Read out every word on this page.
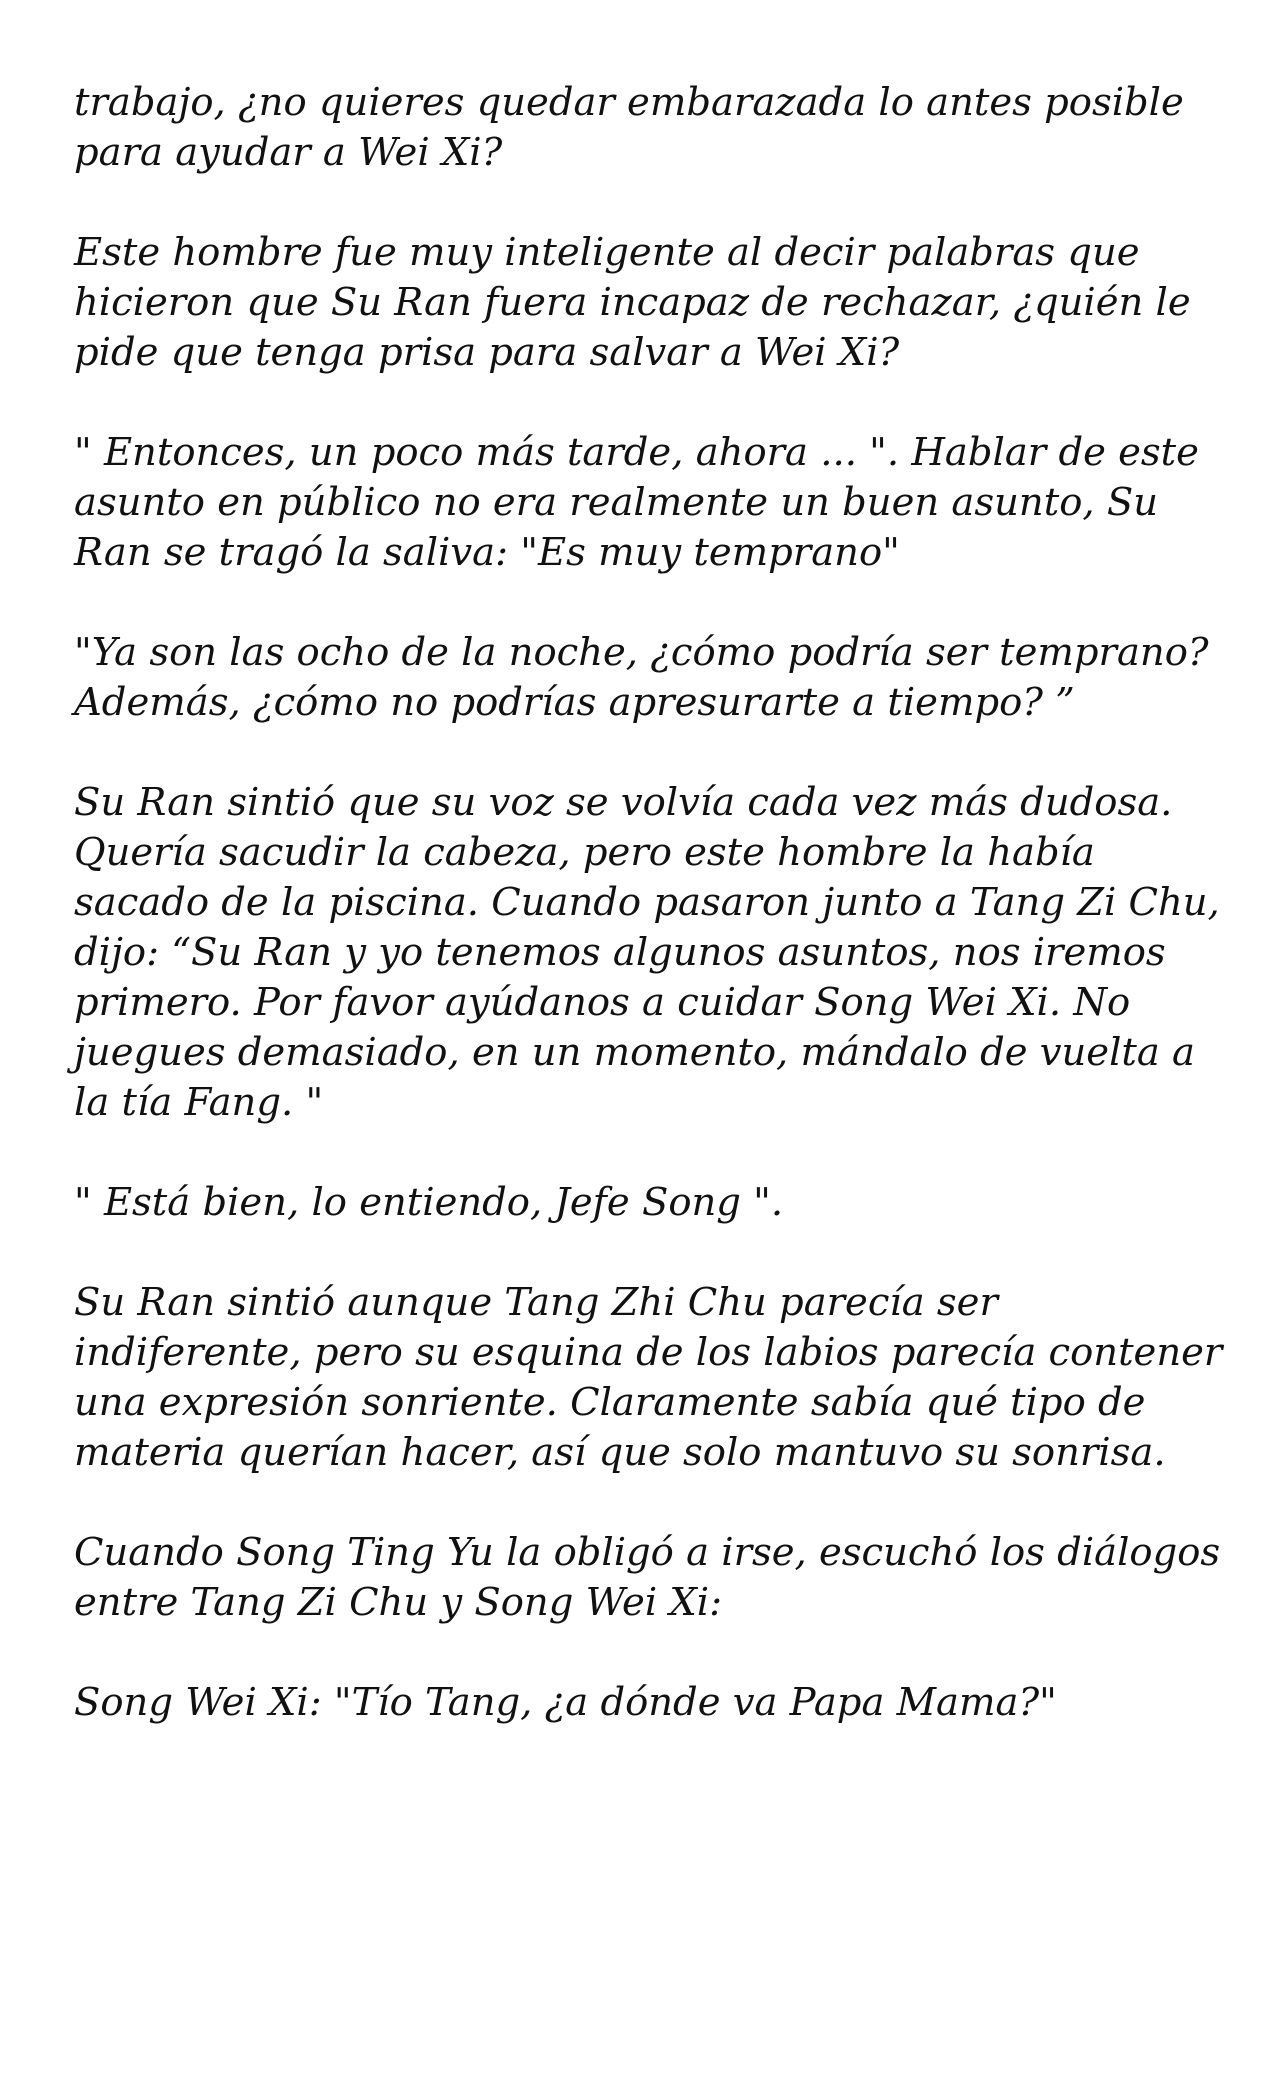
trabajo, ¿no quieres quedar embarazada lo antes posible para ayudar a Wei Xi?

Este hombre fue muy inteligente al decir palabras que hicieron que Su Ran fuera incapaz de rechazar, ¿quién le pide que tenga prisa para salvar a Wei Xi?

" Entonces, un poco más tarde, ahora ... ". Hablar de este asunto en público no era realmente un buen asunto, Su Ran se tragó la saliva: "Es muy temprano"

"Ya son las ocho de la noche, ¿cómo podría ser temprano? Además, ¿cómo no podrías apresurarte a tiempo? ”

Su Ran sintió que su voz se volvía cada vez más dudosa. Quería sacudir la cabeza, pero este hombre la había sacado de la piscina. Cuando pasaron junto a Tang Zi Chu, dijo: “Su Ran y yo tenemos algunos asuntos, nos iremos primero. Por favor ayúdanos a cuidar Song Wei Xi. No juegues demasiado, en un momento, mándalo de vuelta a la tía Fang. "

" Está bien, lo entiendo, Jefe Song ".

Su Ran sintió aunque Tang Zhi Chu parecía ser indiferente, pero su esquina de los labios parecía contener una expresión sonriente. Claramente sabía qué tipo de materia querían hacer, así que solo mantuvo su sonrisa.

Cuando Song Ting Yu la obligó a irse, escuchó los diálogos entre Tang Zi Chu y Song Wei Xi:

Song Wei Xi: "Tío Tang, ¿a dónde va Papa Mama?"
